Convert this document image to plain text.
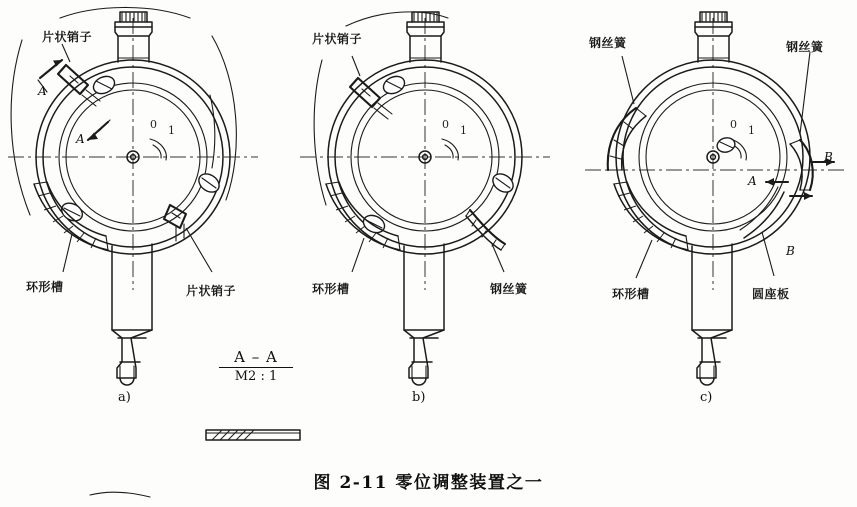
0 1	0 1	0 1
片状销子
环形槽	片状销子
A
A
片状销子
环形槽	钢丝簧
钢丝簧	钢丝簧
环形槽	圆座板
A
B
B
a)	b)	c)
A – A
M2 : 1
图 2-11 零位调整装置之一
